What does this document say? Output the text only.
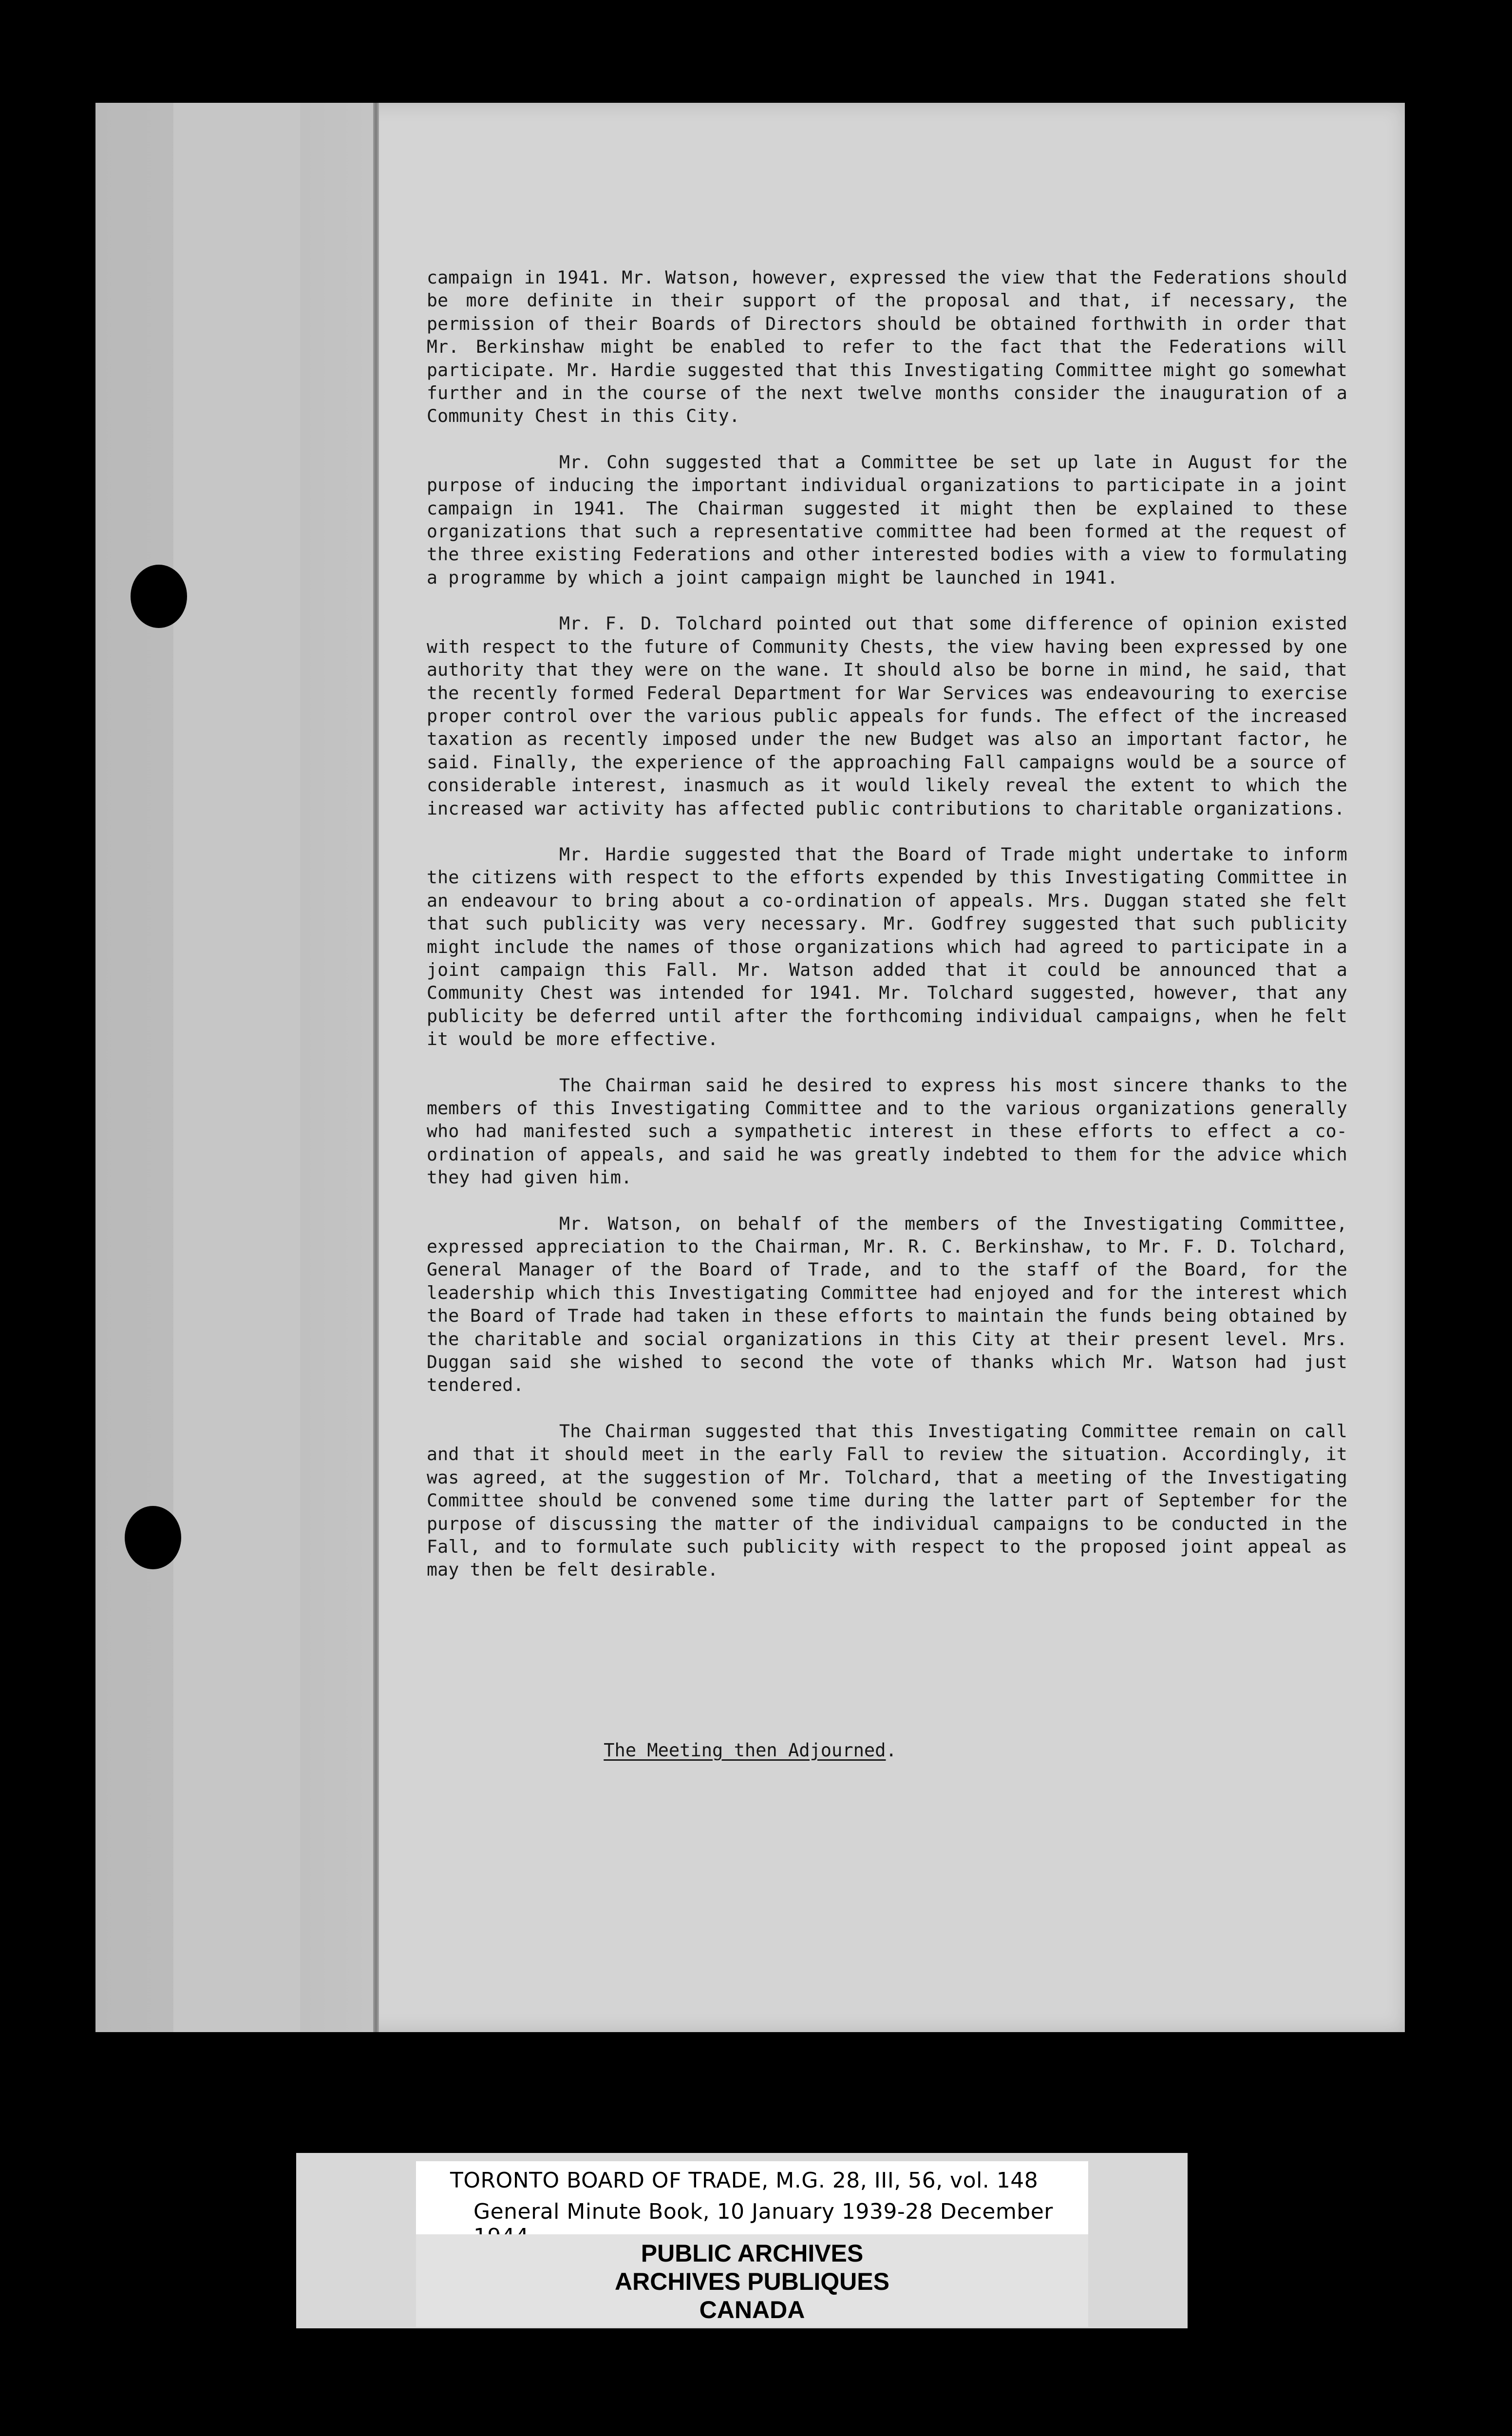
campaign in 1941. Mr. Watson, however, expressed the view that the Federations should be more definite in their support of the proposal and that, if necessary, the permission of their Boards of Directors should be obtained forthwith in order that Mr. Berkinshaw might be enabled to refer to the fact that the Federations will participate. Mr. Hardie suggested that this Investigating Committee might go somewhat further and in the course of the next twelve months consider the inauguration of a Community Chest in this City.

Mr. Cohn suggested that a Committee be set up late in August for the purpose of inducing the important individual organizations to participate in a joint campaign in 1941. The Chairman suggested it might then be explained to these organizations that such a representative committee had been formed at the request of the three existing Federations and other interested bodies with a view to formulating a programme by which a joint campaign might be launched in 1941.

Mr. F. D. Tolchard pointed out that some difference of opinion existed with respect to the future of Community Chests, the view having been expressed by one authority that they were on the wane. It should also be borne in mind, he said, that the recently formed Federal Department for War Services was endeavouring to exercise proper control over the various public appeals for funds. The effect of the increased taxation as recently imposed under the new Budget was also an important factor, he said. Finally, the experience of the approaching Fall campaigns would be a source of considerable interest, inasmuch as it would likely reveal the extent to which the increased war activity has affected public contributions to charitable organizations.

Mr. Hardie suggested that the Board of Trade might undertake to inform the citizens with respect to the efforts expended by this Investigating Committee in an endeavour to bring about a co-ordination of appeals. Mrs. Duggan stated she felt that such publicity was very necessary. Mr. Godfrey suggested that such publicity might include the names of those organizations which had agreed to participate in a joint campaign this Fall. Mr. Watson added that it could be announced that a Community Chest was intended for 1941. Mr. Tolchard suggested, however, that any publicity be deferred until after the forthcoming individual campaigns, when he felt it would be more effective.

The Chairman said he desired to express his most sincere thanks to the members of this Investigating Committee and to the various organizations generally who had manifested such a sympathetic interest in these efforts to effect a co-ordination of appeals, and said he was greatly indebted to them for the advice which they had given him.

Mr. Watson, on behalf of the members of the Investigating Committee, expressed appreciation to the Chairman, Mr. R. C. Berkinshaw, to Mr. F. D. Tolchard, General Manager of the Board of Trade, and to the staff of the Board, for the leadership which this Investigating Committee had enjoyed and for the interest which the Board of Trade had taken in these efforts to maintain the funds being obtained by the charitable and social organizations in this City at their present level. Mrs. Duggan said she wished to second the vote of thanks which Mr. Watson had just tendered.

The Chairman suggested that this Investigating Committee remain on call and that it should meet in the early Fall to review the situation. Accordingly, it was agreed, at the suggestion of Mr. Tolchard, that a meeting of the Investigating Committee should be convened some time during the latter part of September for the purpose of discussing the matter of the individual campaigns to be conducted in the Fall, and to formulate such publicity with respect to the proposed joint appeal as may then be felt desirable.

The Meeting then Adjourned.
TORONTO BOARD OF TRADE, M.G. 28, III, 56, vol. 148
General Minute Book, 10 January 1939-28 December
PUBLIC ARCHIVES
ARCHIVES PUBLIQUES
CANADA
